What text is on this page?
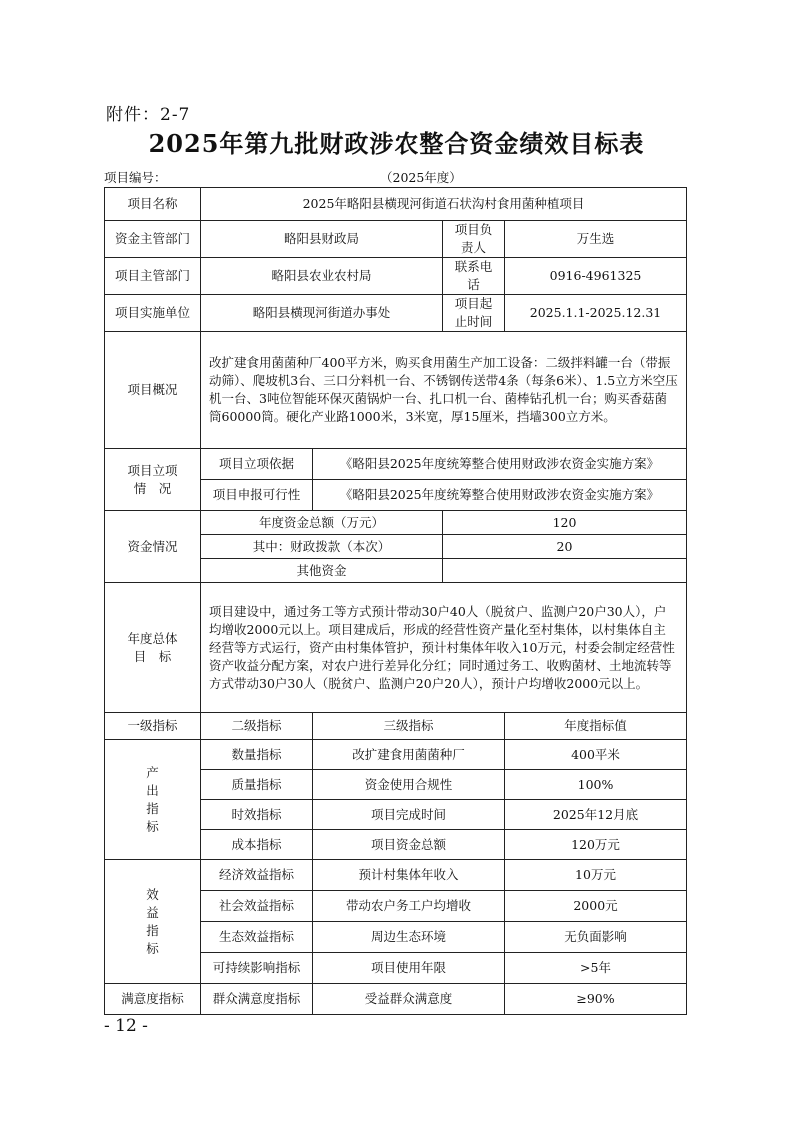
附件：2-7
2025年第九批财政涉农整合资金绩效目标表
项目编号：	（2025年度）
项目名称	2025年略阳县横现河街道石状沟村食用菌种植项目			
资金主管部门	略阳县财政局		项目负责人	万生选
项目主管部门	略阳县农业农村局		联系电话	0916-4961325
项目实施单位	略阳县横现河街道办事处		项目起止时间	2025.1.1-2025.12.31
项目概况	改扩建食用菌菌种厂400平方米，购买食用菌生产加工设备：二级拌料罐一台（带振动筛）、爬坡机3台、三口分料机一台、不锈钢传送带4条（每条6米）、1.5立方米空压机一台、3吨位智能环保灭菌锅炉一台、扎口机一台、菌棒钻孔机一台；购买香菇菌筒60000筒。硬化产业路1000米，3米宽，厚15厘米，挡墙300立方米。			

项目立项
情　况	项目立项依据	《略阳县2025年度统筹整合使用财政涉农资金实施方案》		
	项目申报可行性	《略阳县2025年度统筹整合使用财政涉农资金实施方案》		
资金情况	年度资金总额（万元）		120	
	其中：财政拨款（本次）		20	
	其他资金			

年度总体
目　标	项目建设中，通过务工等方式预计带动30户40人（脱贫户、监测户20户30人），户均增收2000元以上。项目建成后，形成的经营性资产量化至村集体，以村集体自主经营等方式运行，资产由村集体管护，预计村集体年收入10万元，村委会制定经营性资产收益分配方案，对农户进行差异化分红；同时通过务工、收购菌材、土地流转等方式带动30户30人（脱贫户、监测户20户20人），预计户均增收2000元以上。			
一级指标	二级指标	三级指标		年度指标值

产
出
指
标	数量指标	改扩建食用菌菌种厂		400平米
	质量指标	资金使用合规性		100%
	时效指标	项目完成时间		2025年12月底
	成本指标	项目资金总额		120万元

效
益
指
标	经济效益指标	预计村集体年收入		10万元
	社会效益指标	带动农户务工户均增收		2000元
	生态效益指标	周边生态环境		无负面影响
	可持续影响指标	项目使用年限		>5年
满意度指标	群众满意度指标	受益群众满意度		≥90%
- 12 -
